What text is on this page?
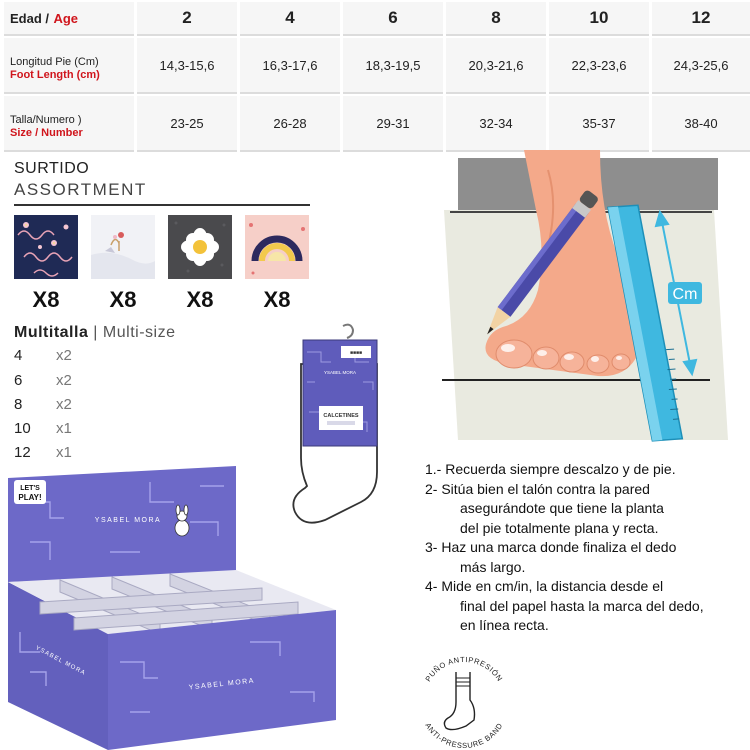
Edad / Age	2	4	6	8	10	12
Longitud Pie (Cm)
Foot Length (cm)
14,3-15,6	16,3-17,6	18,3-19,5	20,3-21,6	22,3-23,6	24,3-25,6
Talla/Numero )
Size / Number
23-25	26-28	29-31	32-34	35-37	38-40
SURTIDO
ASSORTMENT
X8	X8	X8	X8
Multitalla | Multi-size
4 x2
6 x2
8 x2
10 x1
12 x1
■■■■
YSABEL MORA
CALCETINES
LET'S
PLAY!
YSABEL MORA
YSABEL MORA
YSABEL MORA
Cm
1.- Recuerda siempre descalzo y de pie.
2- Sitúa bien el talón contra la pared
asegurándote que tiene la planta
del pie totalmente plana y recta.
3- Haz una marca donde finaliza el dedo
más largo.
4- Mide en cm/in, la distancia desde el
final del papel hasta la marca del dedo,
en línea recta.
PUÑO ANTIPRESIÓN
ANTI-PRESSURE BAND
